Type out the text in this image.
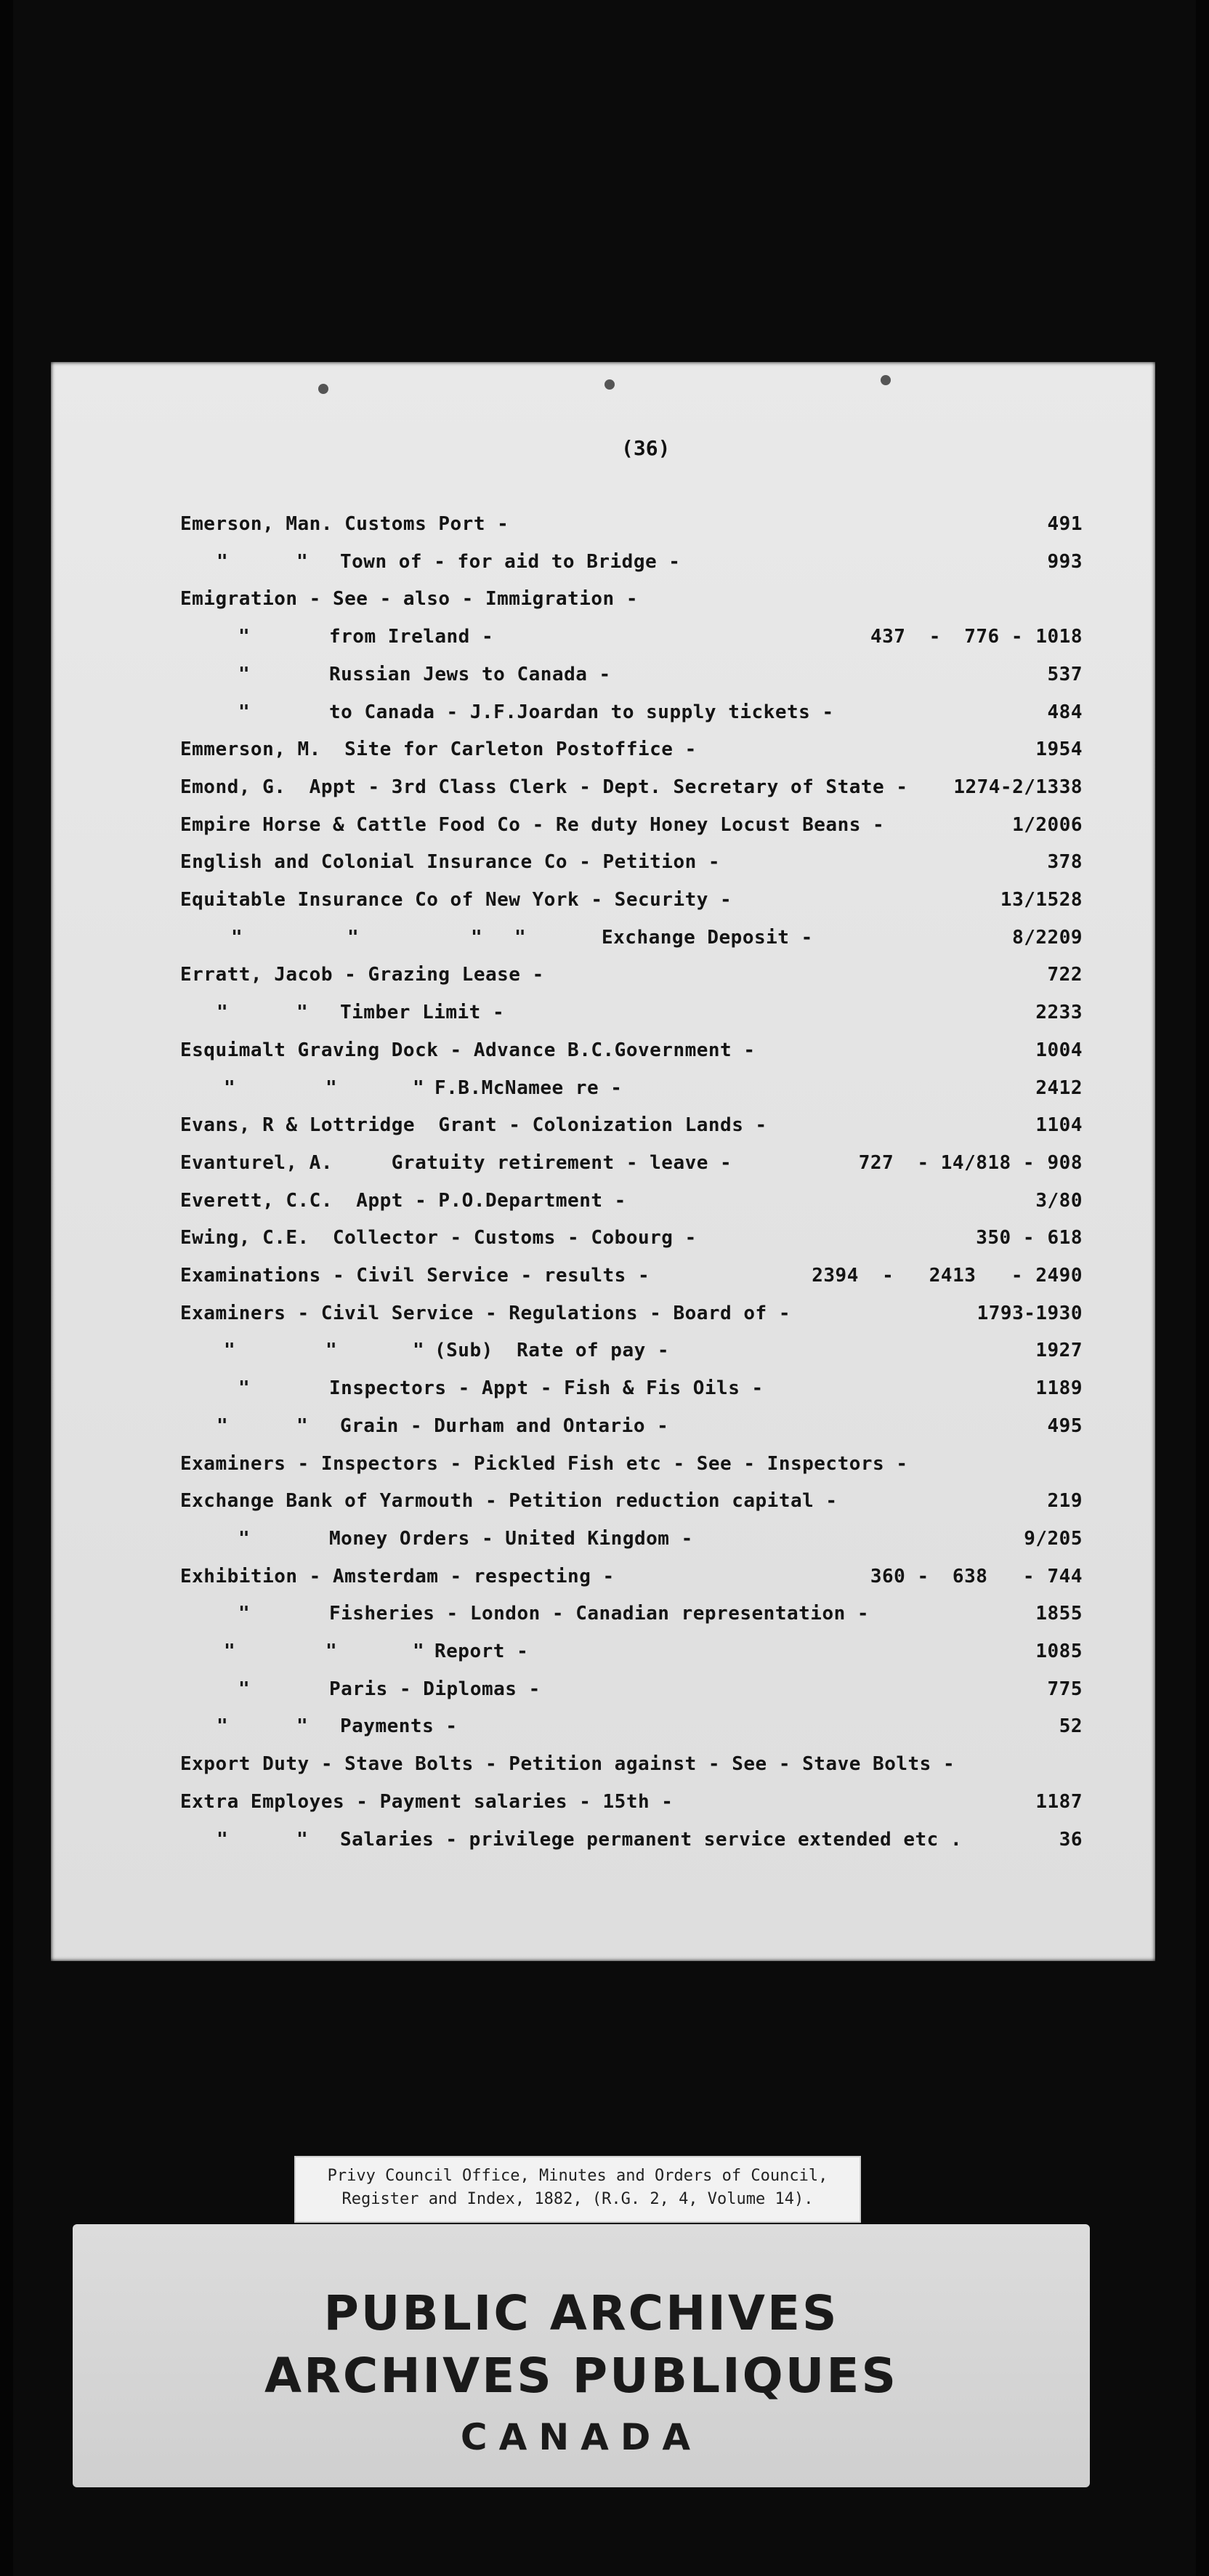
(36)
Emerson, Man. Customs Port -	491
"	" Town of - for aid to Bridge -	993
Emigration - See - also - Immigration -
"	from Ireland -	437  -  776 - 1018
"	Russian Jews to Canada -	537
"	to Canada - J.F.Joardan to supply tickets -	484
Emmerson, M.  Site for Carleton Postoffice -	1954
Emond, G.  Appt - 3rd Class Clerk - Dept. Secretary of State - 1274-2/1338
Empire Horse & Cattle Food Co - Re duty Honey Locust Beans -	1/2006
English and Colonial Insurance Co - Petition -	378
Equitable Insurance Co of New York - Security -	13/1528
"	"	" "	Exchange Deposit -	8/2209
Erratt, Jacob - Grazing Lease -	722
"	" Timber Limit -	2233
Esquimalt Graving Dock - Advance B.C.Government -	1004
"	"	" F.B.McNamee re -	2412
Evans, R & Lottridge  Grant - Colonization Lands -	1104
Evanturel, A.     Gratuity retirement - leave -	727  - 14/818 - 908
Everett, C.C.  Appt - P.O.Department -	3/80
Ewing, C.E.  Collector - Customs - Cobourg -	350 - 618
Examinations - Civil Service - results -	2394  -   2413   - 2490
Examiners - Civil Service - Regulations - Board of -	1793-1930
"	"	" (Sub)  Rate of pay -	1927
"	Inspectors - Appt - Fish & Fis Oils -	1189
"	" Grain - Durham and Ontario -	495
Examiners - Inspectors - Pickled Fish etc - See - Inspectors -
Exchange Bank of Yarmouth - Petition reduction capital -	219
"	Money Orders - United Kingdom -	9/205
Exhibition - Amsterdam - respecting -	360 -  638   - 744
"	Fisheries - London - Canadian representation -	1855
"	"	" Report -	1085
"	Paris - Diplomas -	775
"	" Payments -	52
Export Duty - Stave Bolts - Petition against - See - Stave Bolts -
Extra Employes - Payment salaries - 15th -	1187
"	" Salaries - privilege permanent service extended etc .	36
Privy Council Office, Minutes and Orders of Council,
Register and Index, 1882, (R.G. 2, 4, Volume 14).
PUBLIC ARCHIVES
ARCHIVES PUBLIQUES
CANADA
